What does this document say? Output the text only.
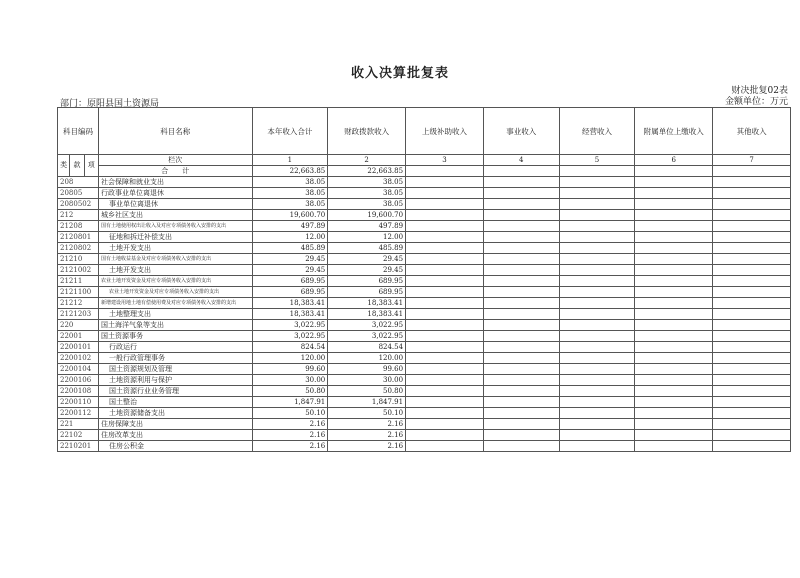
收入决算批复表
财决批复02表
金额单位：万元
部门：原阳县国土资源局
科目编码			科目名称	本年收入合计	财政拨款收入	上级补助收入	事业收入	经营收入	附属单位上缴收入	其他收入
类	款	项	栏次	1	2	3	4	5	6	7
			合　　计	22,663.85	22,663.85					
208			社会保障和就业支出	38.05	38.05					
20805			行政事业单位离退休	38.05	38.05					
2080502			事业单位离退休	38.05	38.05					
212			城乡社区支出	19,600.70	19,600.70					
21208			国有土地使用权出让收入及对应专项债务收入安排的支出	497.89	497.89					
2120801			征地和拆迁补偿支出	12.00	12.00					
2120802			土地开发支出	485.89	485.89					
21210			国有土地收益基金及对应专项债务收入安排的支出	29.45	29.45					
2121002			土地开发支出	29.45	29.45					
21211			农业土地开发资金及对应专项债务收入安排的支出	689.95	689.95					
2121100			农业土地开发资金及对应专项债务收入安排的支出	689.95	689.95					
21212			新增建设用地土地有偿使用费及对应专项债务收入安排的支出	18,383.41	18,383.41					
2121203			土地整理支出	18,383.41	18,383.41					
220			国土海洋气象等支出	3,022.95	3,022.95					
22001			国土资源事务	3,022.95	3,022.95					
2200101			行政运行	824.54	824.54					
2200102			一般行政管理事务	120.00	120.00					
2200104			国土资源规划及管理	99.60	99.60					
2200106			土地资源利用与保护	30.00	30.00					
2200108			国土资源行业业务管理	50.80	50.80					
2200110			国土整治	1,847.91	1,847.91					
2200112			土地资源储备支出	50.10	50.10					
221			住房保障支出	2.16	2.16					
22102			住房改革支出	2.16	2.16					
2210201			住房公积金	2.16	2.16					
